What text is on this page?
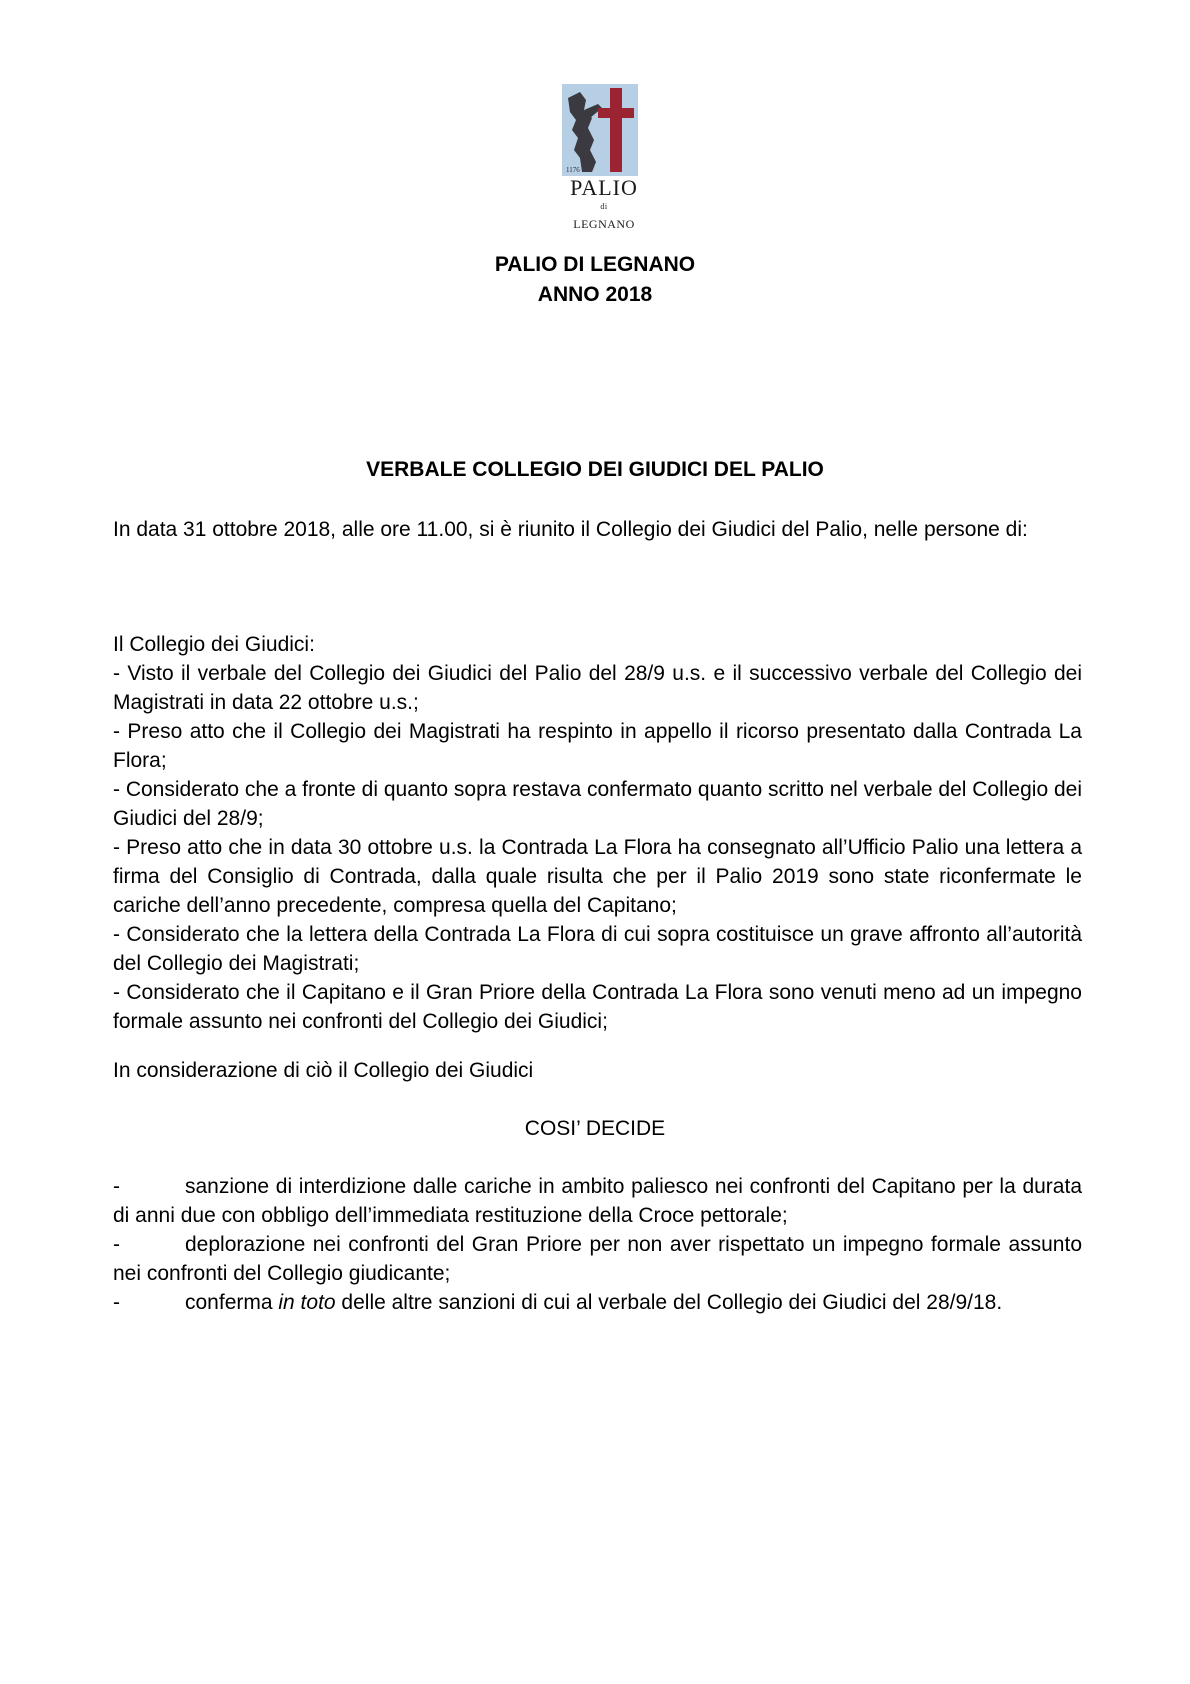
1176
PALIO
$^{di}$
LEGNANO
PALIO DI LEGNANO
ANNO 2018
VERBALE COLLEGIO DEI GIUDICI DEL PALIO

In data 31 ottobre 2018, alle ore 11.00, si è riunito il Collegio dei Giudici del Palio, nelle persone di:

Il Collegio dei Giudici:

- Visto il verbale del Collegio dei Giudici del Palio del 28/9 u.s. e il successivo verbale del Collegio dei Magistrati in data 22 ottobre u.s.;

- Preso atto che il Collegio dei Magistrati ha respinto in appello il ricorso presentato dalla Contrada La Flora;

- Considerato che a fronte di quanto sopra restava confermato quanto scritto nel verbale del Collegio dei Giudici del 28/9;

- Preso atto che in data 30 ottobre u.s. la Contrada La Flora ha consegnato all’Ufficio Palio una lettera a firma del Consiglio di Contrada, dalla quale risulta che per il Palio 2019 sono state riconfermate le cariche dell’anno precedente, compresa quella del Capitano;

- Considerato che la lettera della Contrada La Flora di cui sopra costituisce un grave affronto all’autorità del Collegio dei Magistrati;

- Considerato che il Capitano e il Gran Priore della Contrada La Flora sono venuti meno ad un impegno formale assunto nei confronti del Collegio dei Giudici;

In considerazione di ciò il Collegio dei Giudici

COSI’ DECIDE

-	sanzione di interdizione dalle cariche in ambito paliesco nei confronti del Capitano per la durata di anni due con obbligo dell’immediata restituzione della Croce pettorale;

-	deplorazione nei confronti del Gran Priore per non aver rispettato un impegno formale assunto nei confronti del Collegio giudicante;

-	conferma in toto delle altre sanzioni di cui al verbale del Collegio dei Giudici del 28/9/18.
